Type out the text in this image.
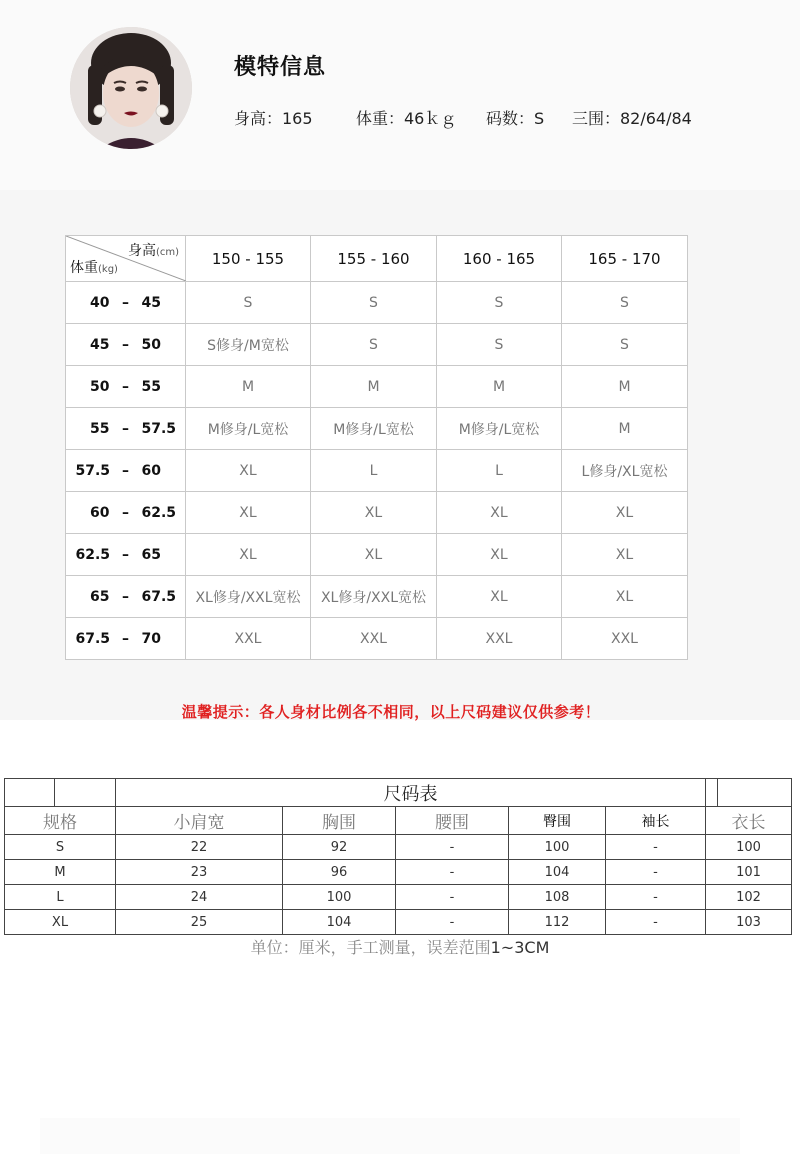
模特信息
身高：165	体重：46ｋｇ 码数：S 三围：82/64/84
身高(cm)
体重(kg)	150 - 155	155 - 160	160 - 165	165 - 170
40 – 45	S	S	S	S
45 – 50	S修身/M宽松	S	S	S
50 – 55	M	M	M	M
55 – 57.5	M修身/L宽松	M修身/L宽松	M修身/L宽松	M
57.5 – 60	XL	L	L	L修身/XL宽松
60 – 62.5	XL	XL	XL	XL
62.5 – 65	XL	XL	XL	XL
65 – 67.5	XL修身/XXL宽松	XL修身/XXL宽松	XL	XL
67.5 – 70	XXL	XXL	XXL	XXL
温馨提示：各人身材比例各不相同，以上尺码建议仅供参考！
		尺码表						
规格		小肩宽	胸围	腰围	臀围	袖长	衣长	
S		22	92	-	100	-	100	
M		23	96	-	104	-	101	
L		24	100	-	108	-	102	
XL		25	104	-	112	-	103	
单位：厘米，手工测量，误差范围1~3CM
